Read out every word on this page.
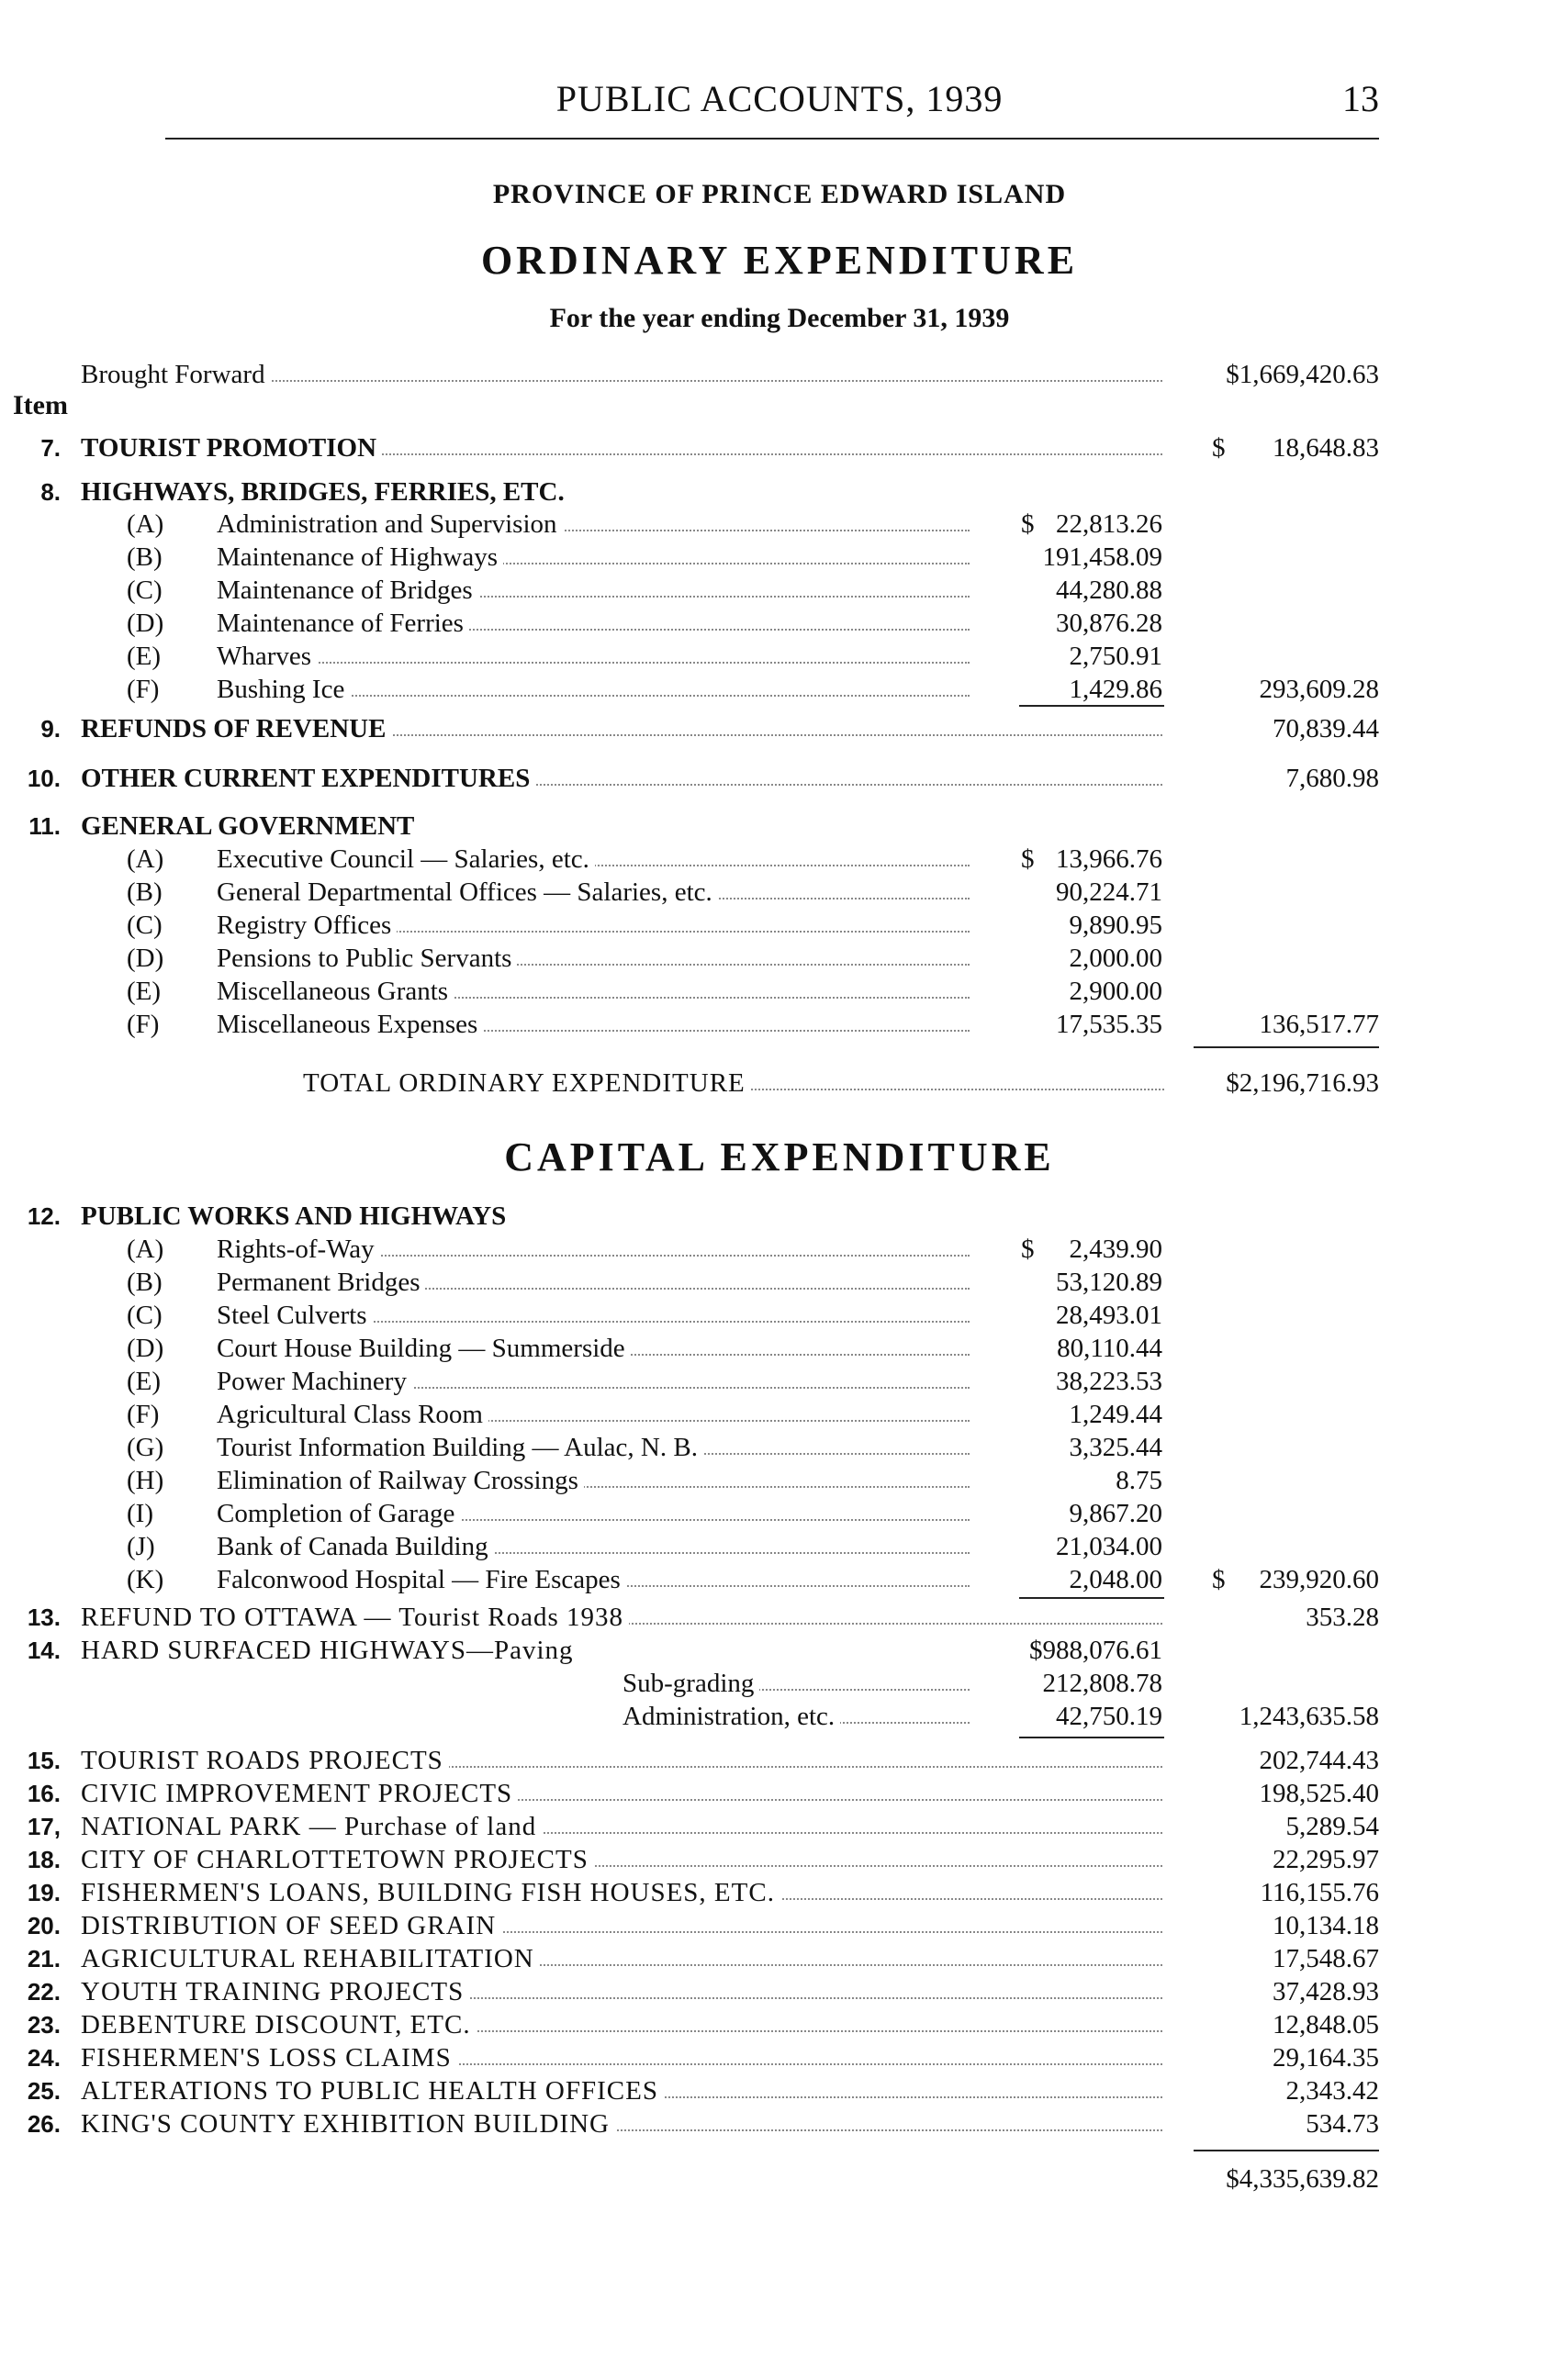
PUBLIC ACCOUNTS, 1939	13
PROVINCE OF PRINCE EDWARD ISLAND
ORDINARY EXPENDITURE
For the year ending December 31, 1939
Brought Forward	$1,669,420.63
Item
7. TOURIST PROMOTION	$ 18,648.83
8. HIGHWAYS, BRIDGES, FERRIES, ETC.
(A)	Administration and Supervision	$ 22,813.26
(B)	Maintenance of Highways	191,458.09
(C)	Maintenance of Bridges	44,280.88
(D)	Maintenance of Ferries	30,876.28
(E)	Wharves	2,750.91
(F)	Bushing Ice	1,429.86	293,609.28
9. REFUNDS OF REVENUE	70,839.44
10. OTHER CURRENT EXPENDITURES	7,680.98
11. GENERAL GOVERNMENT
(A)	Executive Council — Salaries, etc.	$ 13,966.76
(B)	General Departmental Offices — Salaries, etc.	90,224.71
(C)	Registry Offices	9,890.95
(D)	Pensions to Public Servants	2,000.00
(E)	Miscellaneous Grants	2,900.00
(F)	Miscellaneous Expenses	17,535.35	136,517.77
TOTAL ORDINARY EXPENDITURE	$2,196,716.93
CAPITAL EXPENDITURE
12. PUBLIC WORKS AND HIGHWAYS
(A)	Rights-of-Way	$ 2,439.90
(B)	Permanent Bridges	53,120.89
(C)	Steel Culverts	28,493.01
(D)	Court House Building — Summerside	80,110.44
(E)	Power Machinery	38,223.53
(F)	Agricultural Class Room	1,249.44
(G)	Tourist Information Building — Aulac, N. B.	3,325.44
(H)	Elimination of Railway Crossings	8.75
(I)	Completion of Garage	9,867.20
(J)	Bank of Canada Building	21,034.00
(K)	Falconwood Hospital — Fire Escapes	2,048.00 $ 239,920.60
13. REFUND TO OTTAWA — Tourist Roads 1938	353.28
14. HARD SURFACED HIGHWAYS—Paving	$988,076.61
Sub-grading	212,808.78
Administration, etc.	42,750.19	1,243,635.58
15. TOURIST ROADS PROJECTS	202,744.43
16. CIVIC IMPROVEMENT PROJECTS	198,525.40
17, NATIONAL PARK — Purchase of land	5,289.54
18. CITY OF CHARLOTTETOWN PROJECTS	22,295.97
19. FISHERMEN'S LOANS, BUILDING FISH HOUSES, ETC.	116,155.76
20. DISTRIBUTION OF SEED GRAIN	10,134.18
21. AGRICULTURAL REHABILITATION	17,548.67
22. YOUTH TRAINING PROJECTS	37,428.93
23. DEBENTURE DISCOUNT, ETC.	12,848.05
24. FISHERMEN'S LOSS CLAIMS	29,164.35
25. ALTERATIONS TO PUBLIC HEALTH OFFICES	2,343.42
26. KING'S COUNTY EXHIBITION BUILDING	534.73
$4,335,639.82
